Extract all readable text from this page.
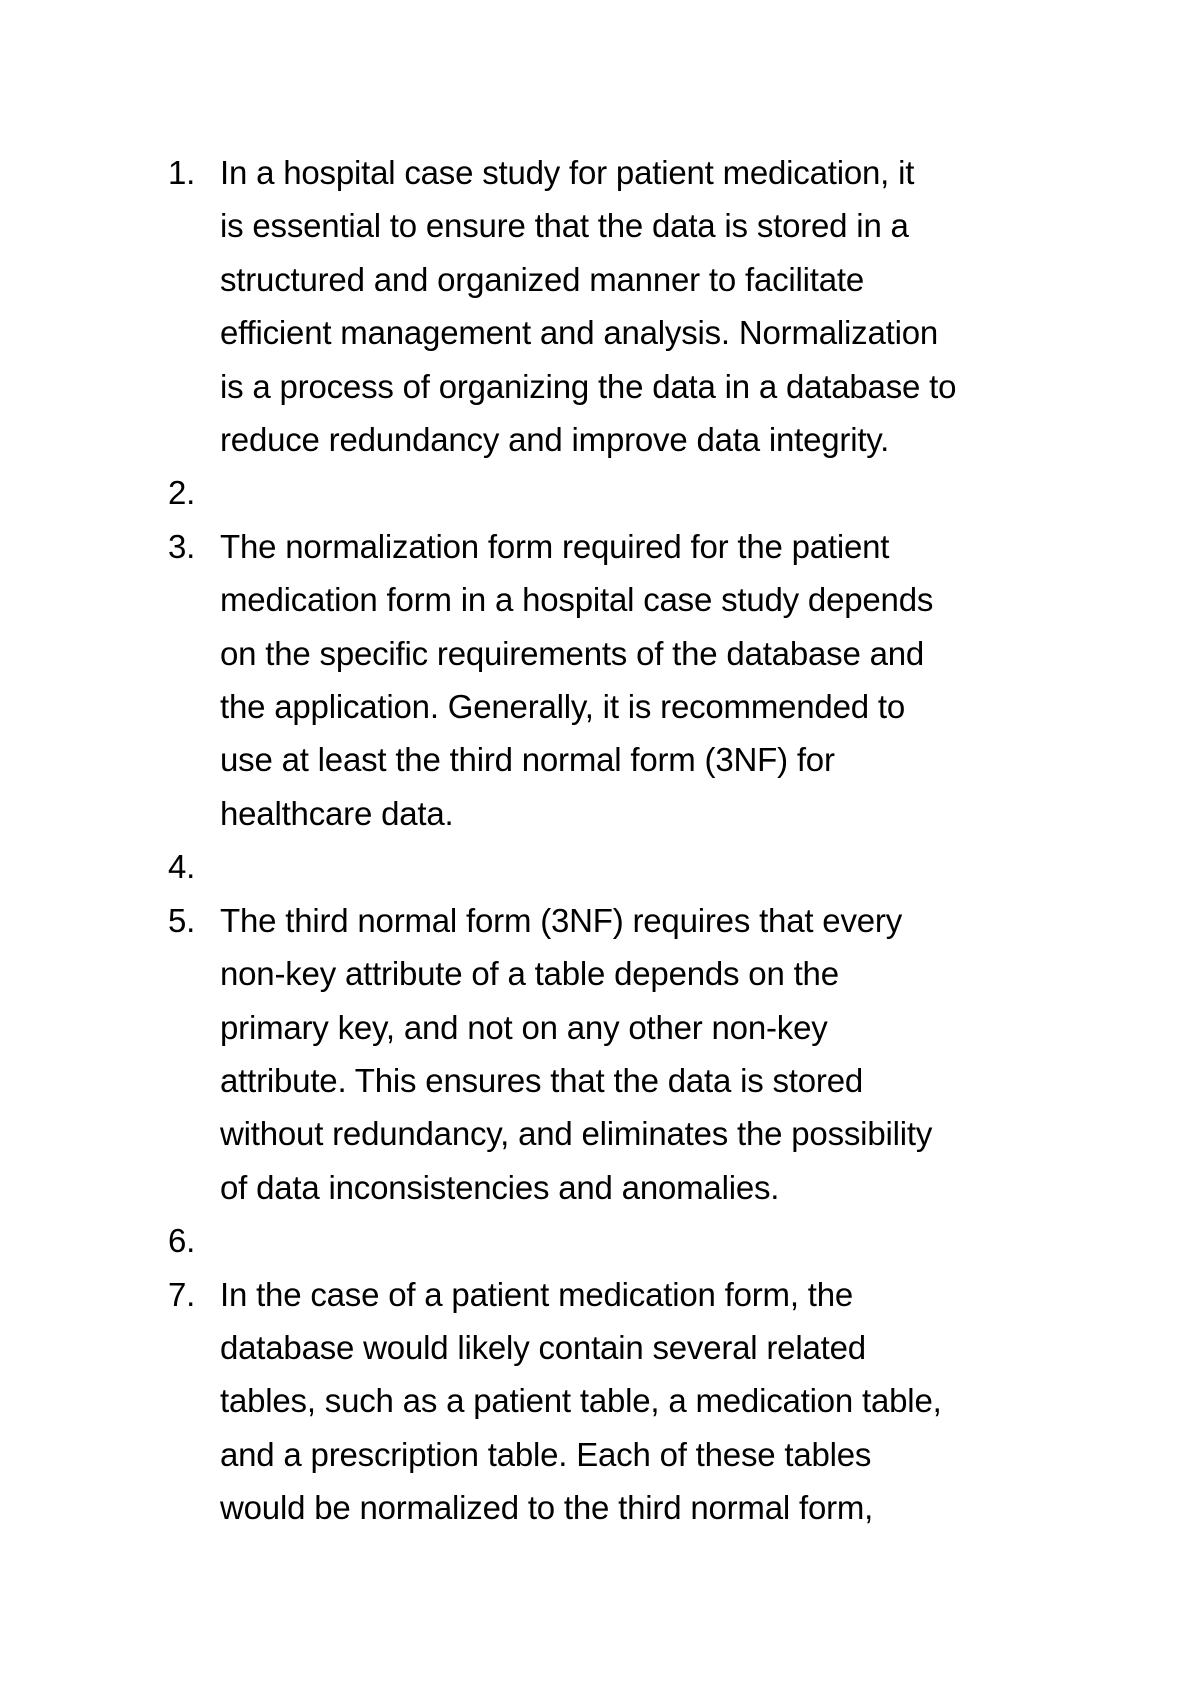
1. In a hospital case study for patient medication, it
is essential to ensure that the data is stored in a
structured and organized manner to facilitate
efficient management and analysis. Normalization
is a process of organizing the data in a database to
reduce redundancy and improve data integrity.
2.
3. The normalization form required for the patient
medication form in a hospital case study depends
on the specific requirements of the database and
the application. Generally, it is recommended to
use at least the third normal form (3NF) for
healthcare data.
4.
5. The third normal form (3NF) requires that every
non-key attribute of a table depends on the
primary key, and not on any other non-key
attribute. This ensures that the data is stored
without redundancy, and eliminates the possibility
of data inconsistencies and anomalies.
6.
7. In the case of a patient medication form, the
database would likely contain several related
tables, such as a patient table, a medication table,
and a prescription table. Each of these tables
would be normalized to the third normal form,
